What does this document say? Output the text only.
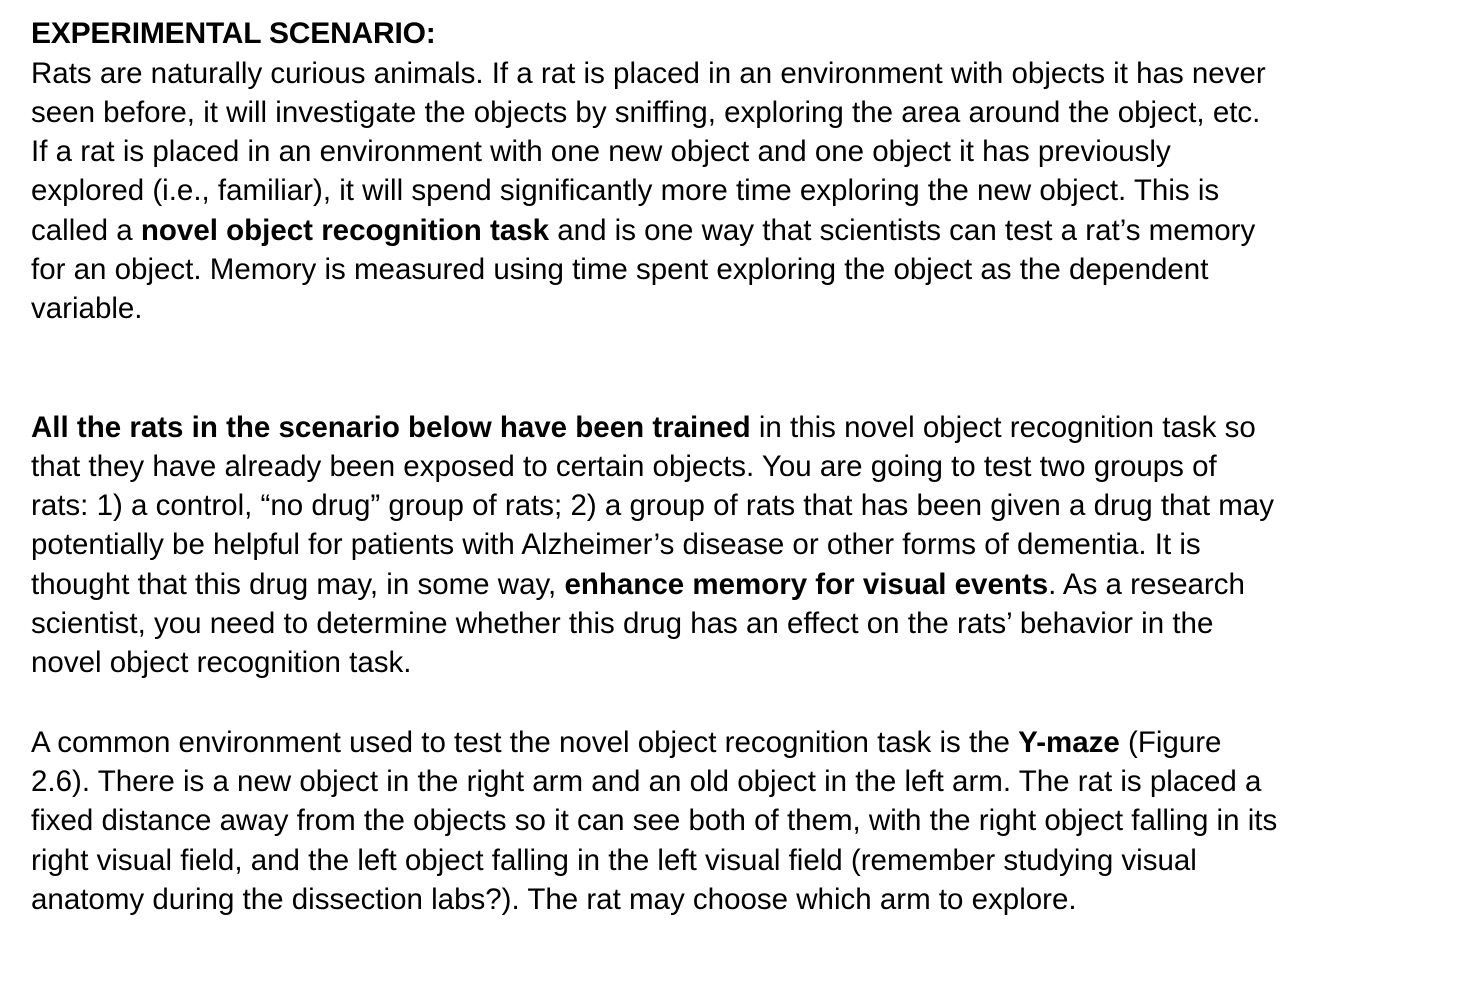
EXPERIMENTAL SCENARIO:

Rats are naturally curious animals. If a rat is placed in an environment with objects it has never
seen before, it will investigate the objects by sniffing, exploring the area around the object, etc.
If a rat is placed in an environment with one new object and one object it has previously
explored (i.e., familiar), it will spend significantly more time exploring the new object. This is
called a novel object recognition task and is one way that scientists can test a rat’s memory
for an object. Memory is measured using time spent exploring the object as the dependent
variable.

All the rats in the scenario below have been trained in this novel object recognition task so
that they have already been exposed to certain objects. You are going to test two groups of
rats: 1) a control, “no drug” group of rats; 2) a group of rats that has been given a drug that may
potentially be helpful for patients with Alzheimer’s disease or other forms of dementia. It is
thought that this drug may, in some way, enhance memory for visual events. As a research
scientist, you need to determine whether this drug has an effect on the rats’ behavior in the
novel object recognition task.

A common environment used to test the novel object recognition task is the Y-maze (Figure
2.6). There is a new object in the right arm and an old object in the left arm. The rat is placed a
fixed distance away from the objects so it can see both of them, with the right object falling in its
right visual field, and the left object falling in the left visual field (remember studying visual
anatomy during the dissection labs?). The rat may choose which arm to explore.
